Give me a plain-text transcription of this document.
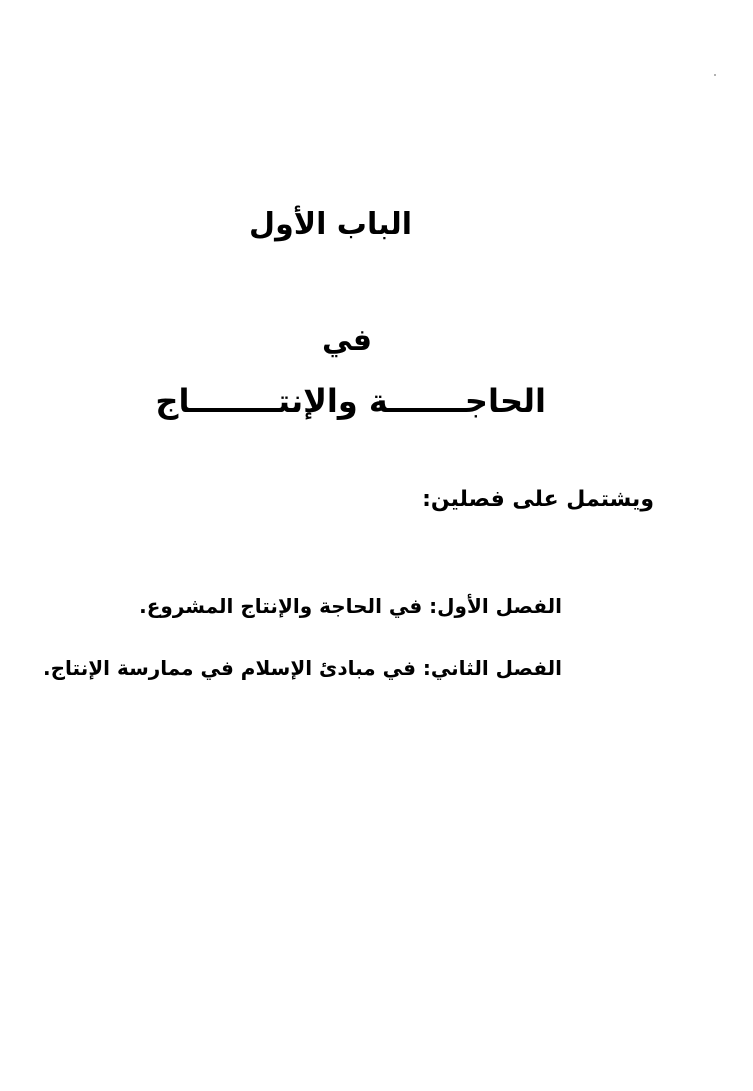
الباب الأول
في
الحاجـــــــة والإنتــــــــاج
ويشتمل على فصلين:
الفصل الأول: في الحاجة والإنتاج المشروع.
الفصل الثاني: في مبادئ الإسلام في ممارسة الإنتاج.
